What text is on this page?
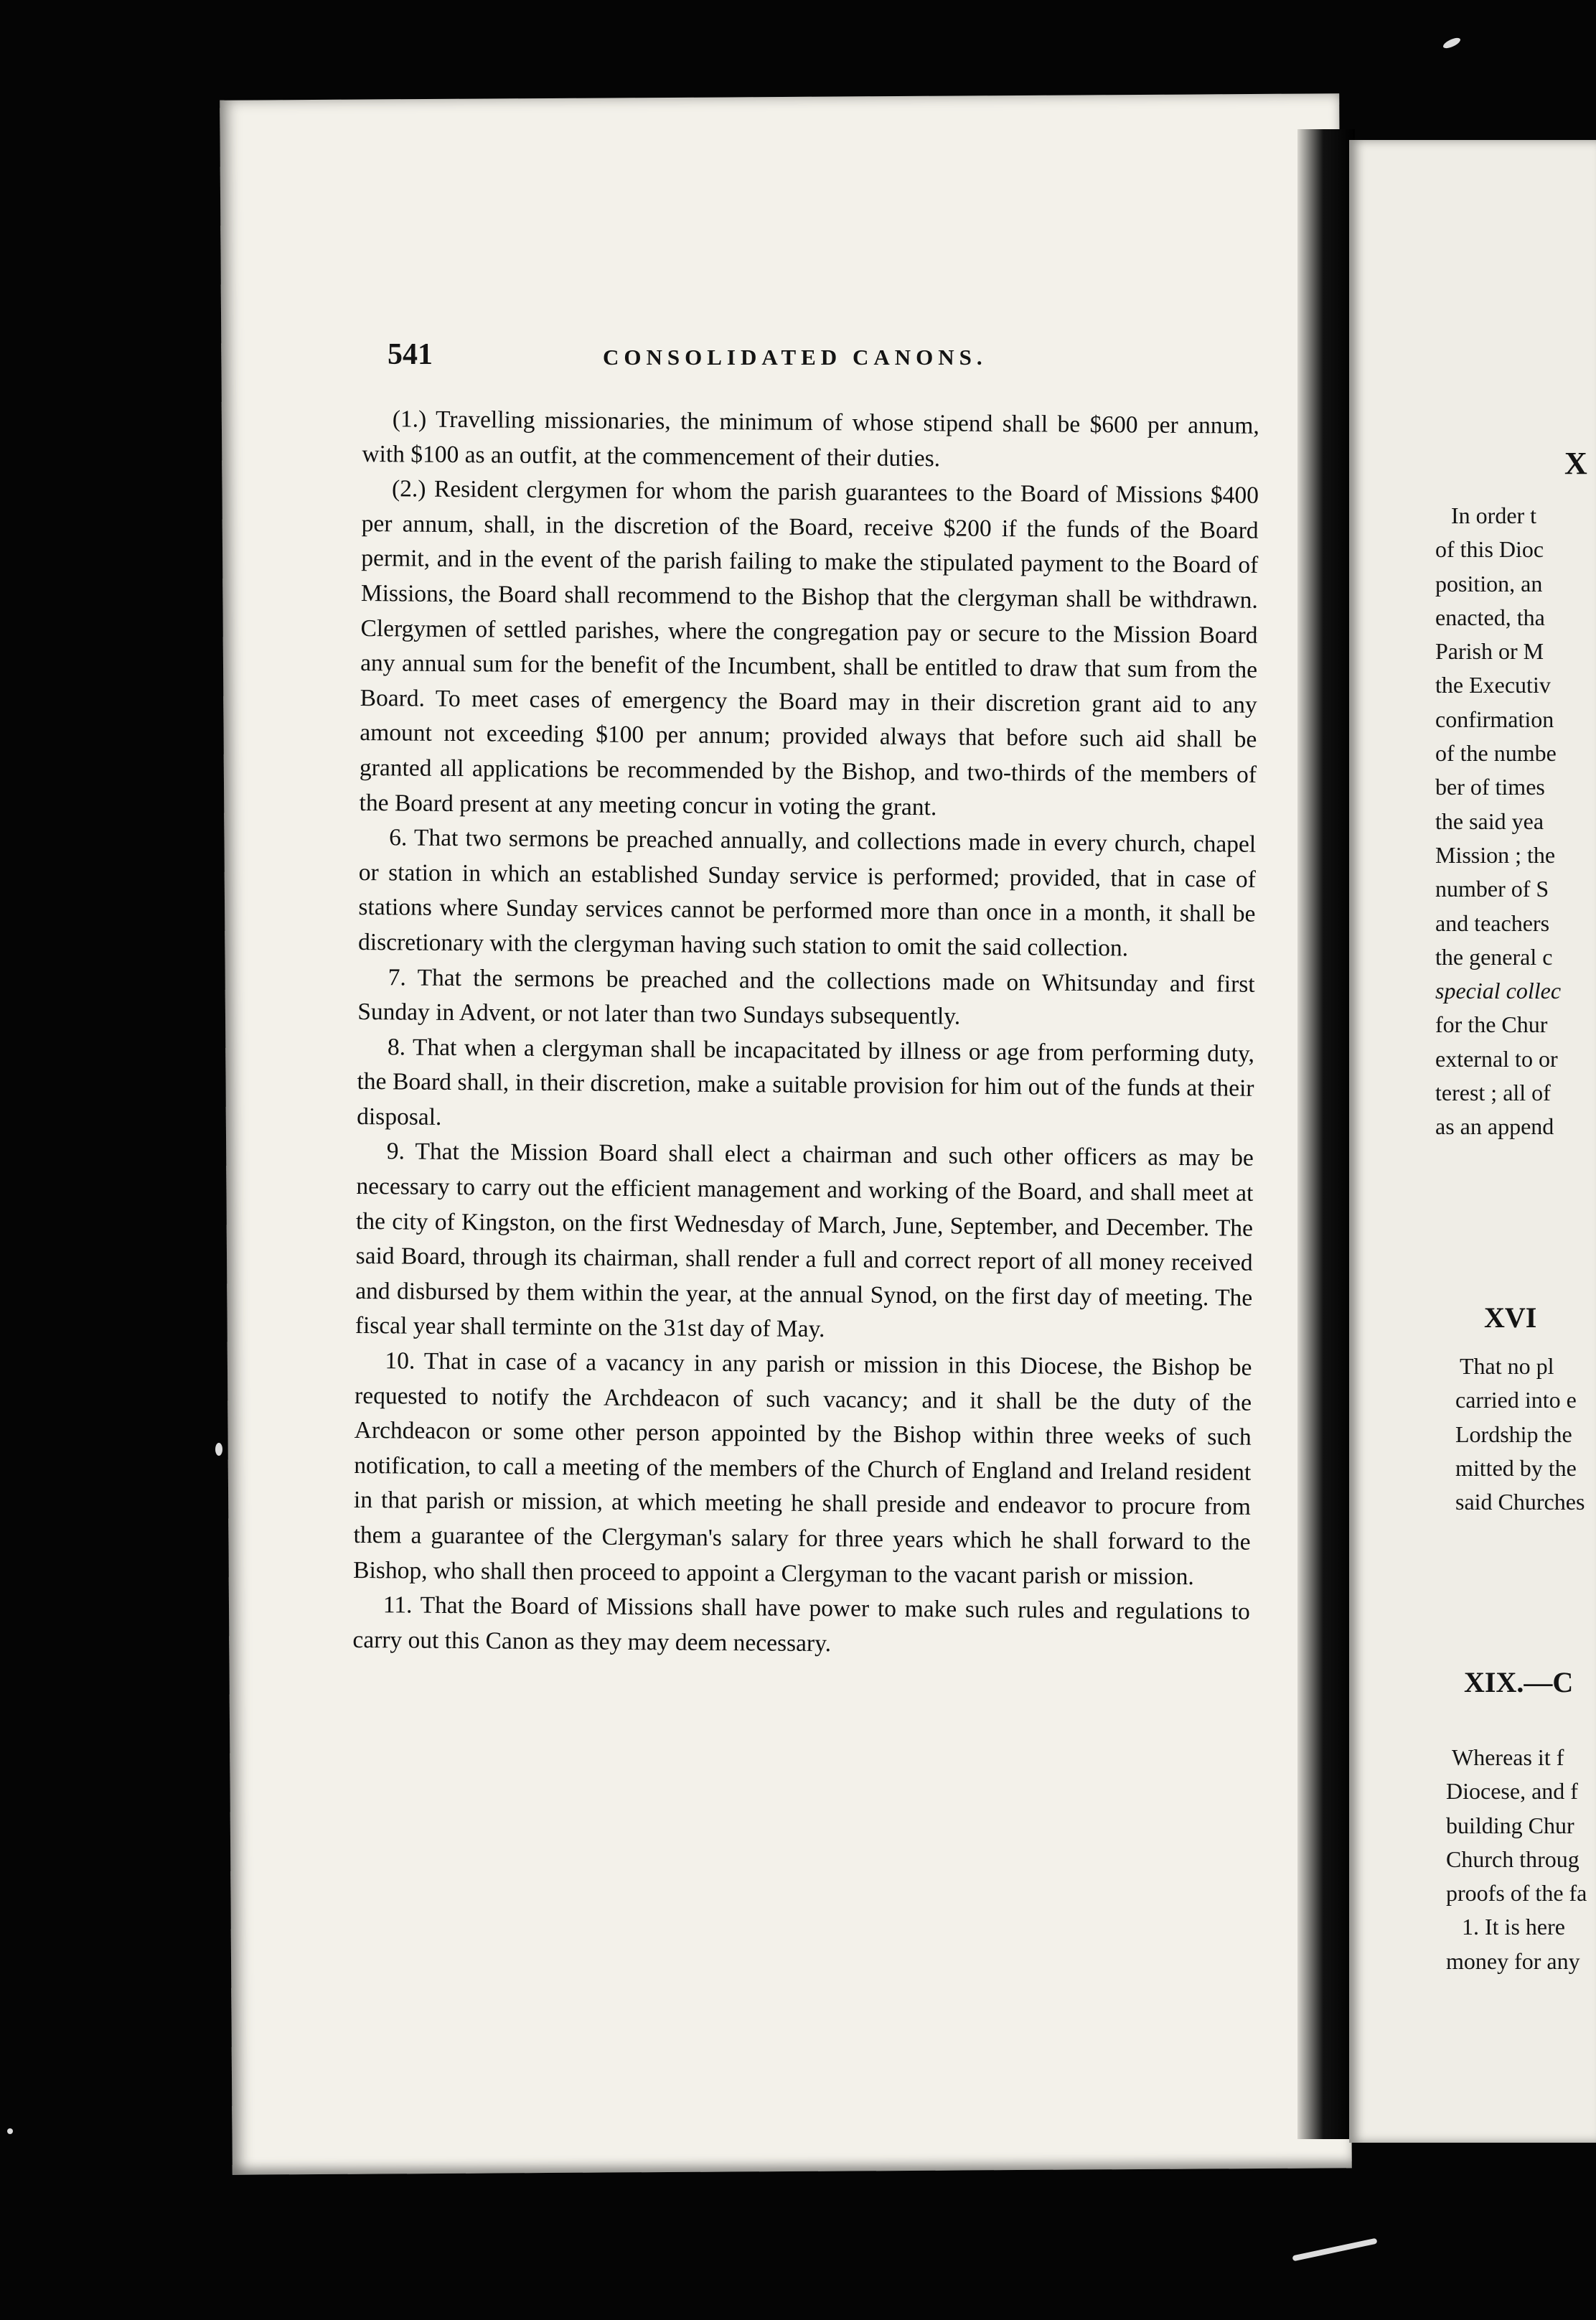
541	CONSOLIDATED CANONS.

(1.) Travelling missionaries, the minimum of whose stipend shall be $600 per annum, with $100 as an outfit, at the commencement of their duties.

(2.) Resident clergymen for whom the parish guarantees to the Board of Missions $400 per annum, shall, in the discretion of the Board, receive $200 if the funds of the Board permit, and in the event of the parish failing to make the stipulated payment to the Board of Missions, the Board shall recommend to the Bishop that the clergyman shall be withdrawn. Clergymen of settled parishes, where the congregation pay or secure to the Mission Board any annual sum for the benefit of the Incumbent, shall be entitled to draw that sum from the Board. To meet cases of emergency the Board may in their discretion grant aid to any amount not exceeding $100 per annum; provided always that before such aid shall be granted all applications be recommended by the Bishop, and two-thirds of the members of the Board present at any meeting concur in voting the grant.

6. That two sermons be preached annually, and collections made in every church, chapel or station in which an established Sunday service is performed; provided, that in case of stations where Sunday services cannot be performed more than once in a month, it shall be discretionary with the clergyman having such station to omit the said collection.

7. That the sermons be preached and the collections made on Whitsunday and first Sunday in Advent, or not later than two Sundays subsequently.

8. That when a clergyman shall be incapacitated by illness or age from performing duty, the Board shall, in their discretion, make a suitable provision for him out of the funds at their disposal.

9. That the Mission Board shall elect a chairman and such other officers as may be necessary to carry out the efficient management and working of the Board, and shall meet at the city of Kingston, on the first Wednesday of March, June, September, and December. The said Board, through its chairman, shall render a full and correct report of all money received and disbursed by them within the year, at the annual Synod, on the first day of meeting. The fiscal year shall terminte on the 31st day of May.

10. That in case of a vacancy in any parish or mission in this Diocese, the Bishop be requested to notify the Archdeacon of such vacancy; and it shall be the duty of the Archdeacon or some other person appointed by the Bishop within three weeks of such notification, to call a meeting of the members of the Church of England and Ireland resident in that parish or mission, at which meeting he shall preside and endeavor to procure from them a guarantee of the Clergyman's salary for three years which he shall forward to the Bishop, who shall then proceed to appoint a Clergyman to the vacant parish or mission.

11. That the Board of Missions shall have power to make such rules and regulations to carry out this Canon as they may deem necessary.

X
In order t
of this Dioc
position, an
enacted, tha
Parish or M
the Executiv
confirmation
of the numbe
ber of times
the said yea
Mission ; the
number of S
and teachers
the general c
special collec
for the Chur
external to or
terest ; all of
as an append
XVI
That no pl
carried into e
Lordship the
mitted by the
said Churches
XIX.—C
Whereas it f
Diocese, and f
building Chur
Church throug
proofs of the fa
1. It is here
money for any
